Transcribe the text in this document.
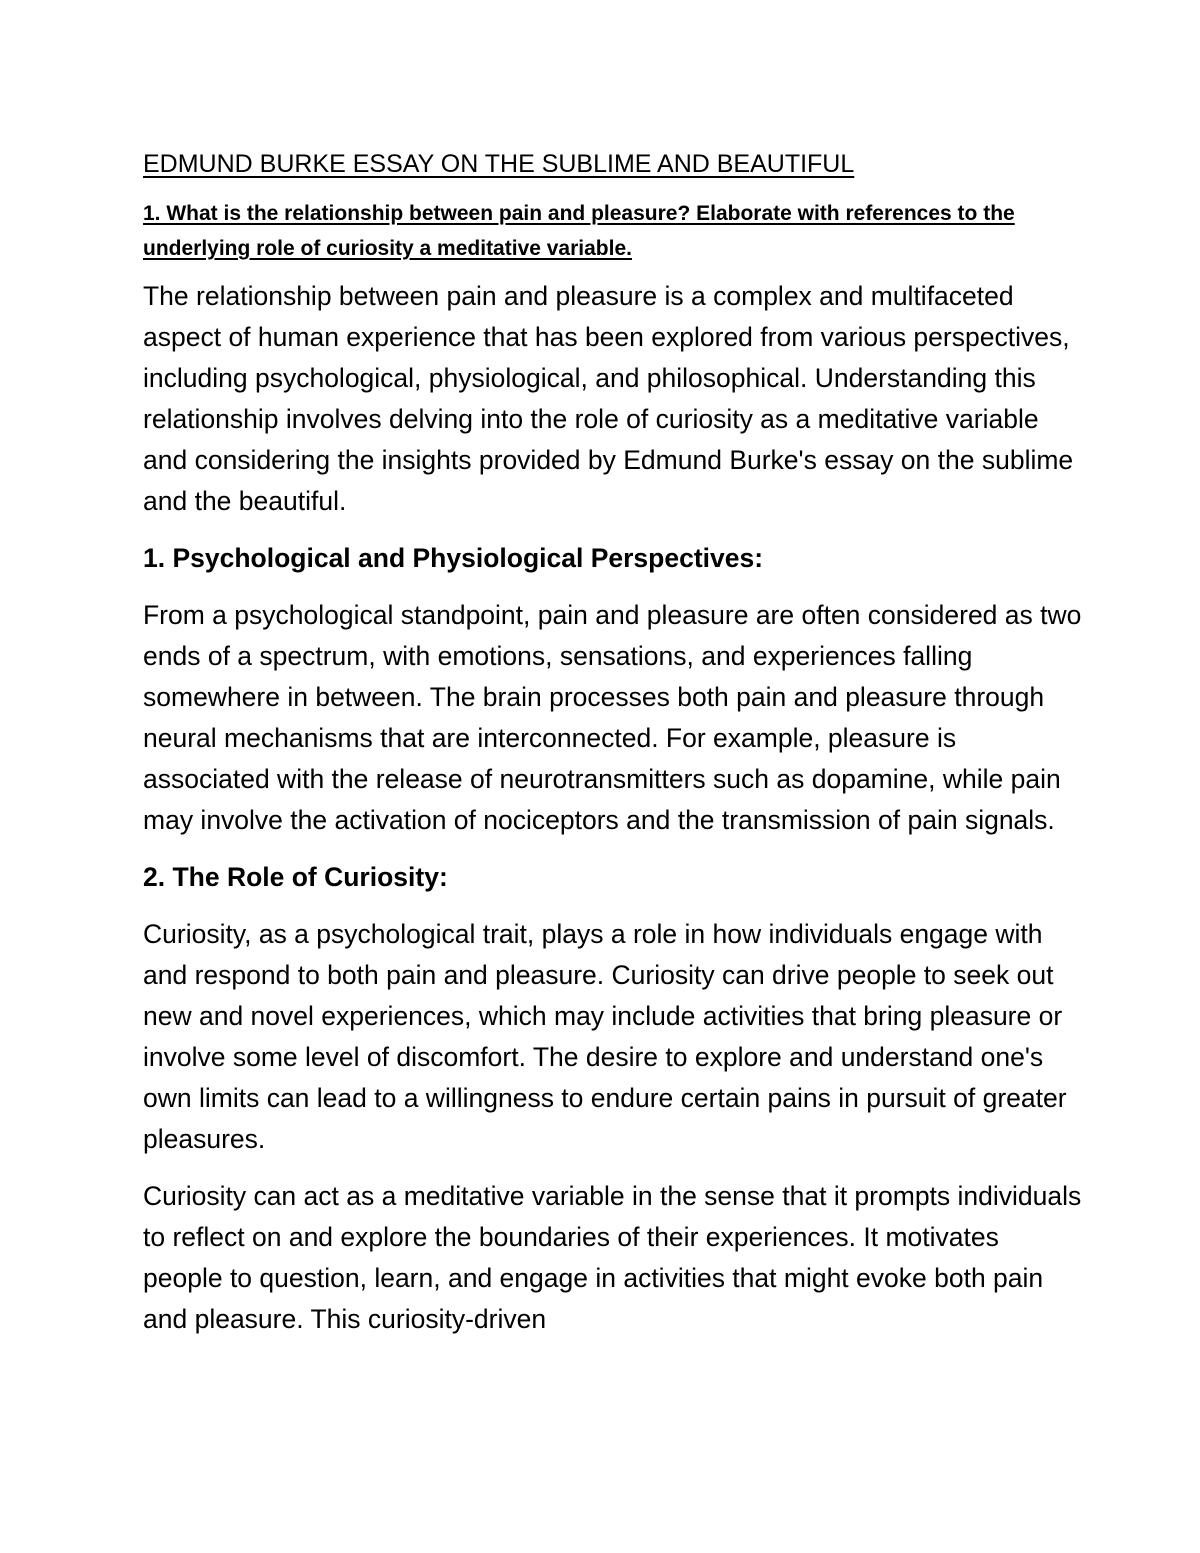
EDMUND BURKE ESSAY ON THE SUBLIME AND BEAUTIFUL
1. What is the relationship between pain and pleasure? Elaborate with references to the underlying role of curiosity a meditative variable.
The relationship between pain and pleasure is a complex and multifaceted aspect of human experience that has been explored from various perspectives, including psychological, physiological, and philosophical. Understanding this relationship involves delving into the role of curiosity as a meditative variable and considering the insights provided by Edmund Burke's essay on the sublime and the beautiful.
1. Psychological and Physiological Perspectives:
From a psychological standpoint, pain and pleasure are often considered as two ends of a spectrum, with emotions, sensations, and experiences falling somewhere in between. The brain processes both pain and pleasure through neural mechanisms that are interconnected. For example, pleasure is associated with the release of neurotransmitters such as dopamine, while pain may involve the activation of nociceptors and the transmission of pain signals.
2. The Role of Curiosity:
Curiosity, as a psychological trait, plays a role in how individuals engage with and respond to both pain and pleasure. Curiosity can drive people to seek out new and novel experiences, which may include activities that bring pleasure or involve some level of discomfort. The desire to explore and understand one's own limits can lead to a willingness to endure certain pains in pursuit of greater pleasures.
Curiosity can act as a meditative variable in the sense that it prompts individuals to reflect on and explore the boundaries of their experiences. It motivates people to question, learn, and engage in activities that might evoke both pain and pleasure. This curiosity-driven
